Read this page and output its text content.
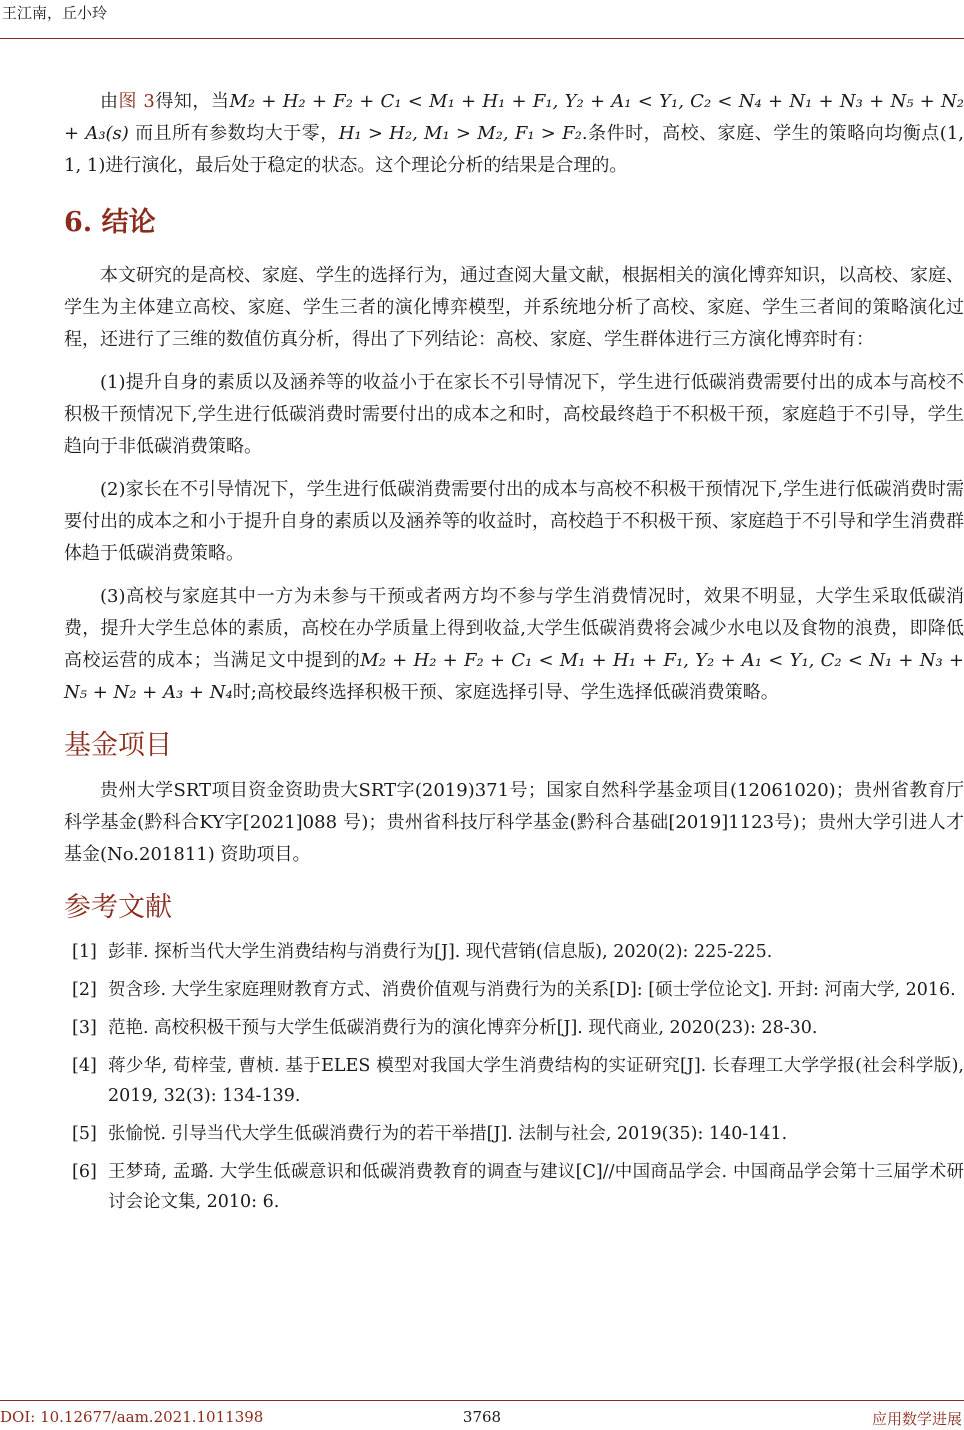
王江南，丘小玲

由图 3得知，当M₂ + H₂ + F₂ + C₁ < M₁ + H₁ + F₁, Y₂ + A₁ < Y₁, C₂ < N₄ + N₁ + N₃ + N₅ + N₂ + A₃(s) 而且所有参数均大于零，H₁ > H₂, M₁ > M₂, F₁ > F₂.条件时，高校、家庭、学生的策略向均衡点(1, 1, 1)进行演化，最后处于稳定的状态。这个理论分析的结果是合理的。

6. 结论

本文研究的是高校、家庭、学生的选择行为，通过查阅大量文献，根据相关的演化博弈知识，以高校、家庭、学生为主体建立高校、家庭、学生三者的演化博弈模型，并系统地分析了高校、家庭、学生三者间的策略演化过程，还进行了三维的数值仿真分析，得出了下列结论：高校、家庭、学生群体进行三方演化博弈时有：

(1)提升自身的素质以及涵养等的收益小于在家长不引导情况下，学生进行低碳消费需要付出的成本与高校不积极干预情况下,学生进行低碳消费时需要付出的成本之和时，高校最终趋于不积极干预，家庭趋于不引导，学生趋向于非低碳消费策略。

(2)家长在不引导情况下，学生进行低碳消费需要付出的成本与高校不积极干预情况下,学生进行低碳消费时需要付出的成本之和小于提升自身的素质以及涵养等的收益时，高校趋于不积极干预、家庭趋于不引导和学生消费群体趋于低碳消费策略。

(3)高校与家庭其中一方为未参与干预或者两方均不参与学生消费情况时，效果不明显，大学生采取低碳消费，提升大学生总体的素质，高校在办学质量上得到收益,大学生低碳消费将会减少水电以及食物的浪费，即降低高校运营的成本；当满足文中提到的M₂ + H₂ + F₂ + C₁ < M₁ + H₁ + F₁, Y₂ + A₁ < Y₁, C₂ < N₁ + N₃ + N₅ + N₂ + A₃ + N₄时;高校最终选择积极干预、家庭选择引导、学生选择低碳消费策略。

基金项目

贵州大学SRT项目资金资助贵大SRT字(2019)371号；国家自然科学基金项目(12061020)；贵州省教育厅科学基金(黔科合KY字[2021]088 号)；贵州省科技厅科学基金(黔科合基础[2019]1123号)；贵州大学引进人才基金(No.201811) 资助项目。

参考文献
[1] 彭菲. 探析当代大学生消费结构与消费行为[J]. 现代营销(信息版), 2020(2): 225-225.
[2] 贺含珍. 大学生家庭理财教育方式、消费价值观与消费行为的关系[D]: [硕士学位论文]. 开封: 河南大学, 2016.
[3] 范艳. 高校积极干预与大学生低碳消费行为的演化博弈分析[J]. 现代商业, 2020(23): 28-30.
[4] 蒋少华, 荀梓莹, 曹桢. 基于ELES 模型对我国大学生消费结构的实证研究[J]. 长春理工大学学报(社会科学版), 2019, 32(3): 134-139.
[5] 张愉悦. 引导当代大学生低碳消费行为的若干举措[J]. 法制与社会, 2019(35): 140-141.
[6] 王梦琦, 孟璐. 大学生低碳意识和低碳消费教育的调查与建议[C]//中国商品学会. 中国商品学会第十三届学术研讨会论文集, 2010: 6.
DOI: 10.12677/aam.2021.1011398	3768	应用数学进展
